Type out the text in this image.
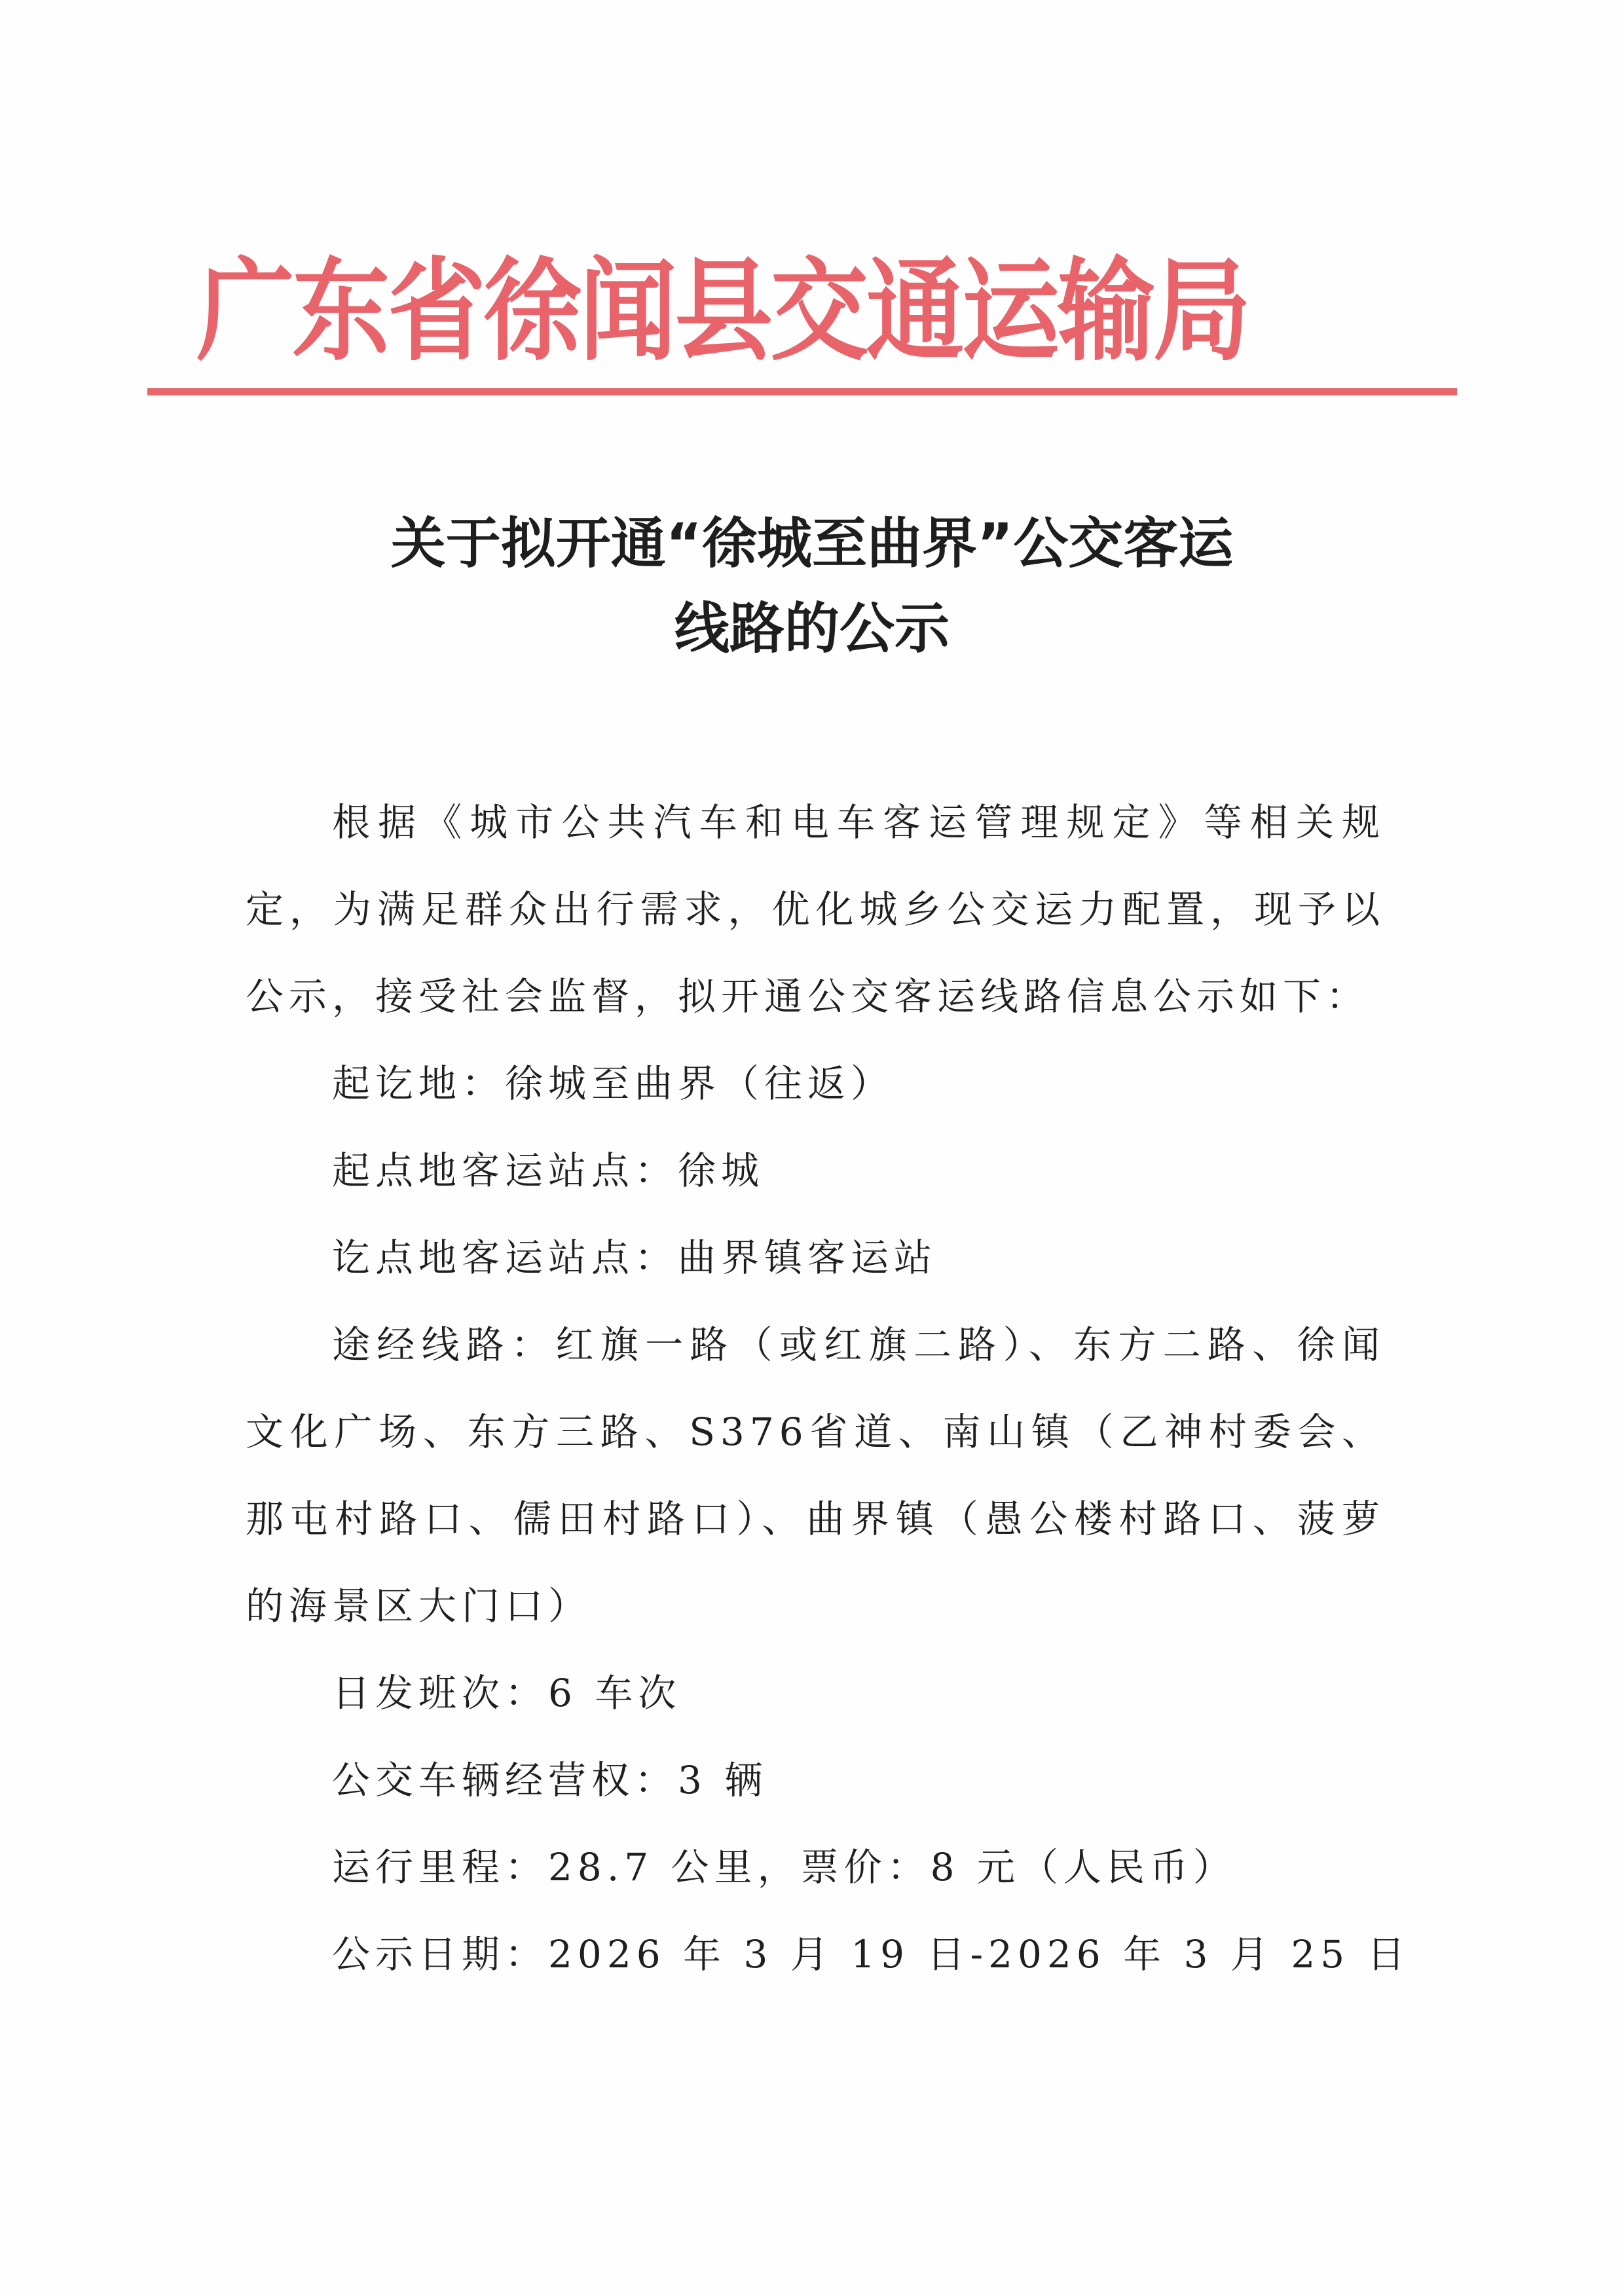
广东省徐闻县交通运输局
关于拟开通“徐城至曲界”公交客运
线路的公示

根据《城市公共汽车和电车客运管理规定》等相关规定，为满足群众出行需求，优化城乡公交运力配置，现予以公示，接受社会监督，拟开通公交客运线路信息公示如下：

起讫地：徐城至曲界（往返）

起点地客运站点：徐城

讫点地客运站点：曲界镇客运站

途经线路：红旗一路（或红旗二路）、东方二路、徐闻文化广场、东方三路、S376省道、南山镇（乙神村委会、那屯村路口、儒田村路口）、曲界镇（愚公楼村路口、菠萝的海景区大门口）

日发班次：6 车次

公交车辆经营权：3 辆

运行里程：28.7 公里，票价：8 元（人民币）

公示日期：2026 年 3 月 19 日-2026 年 3 月 25 日
